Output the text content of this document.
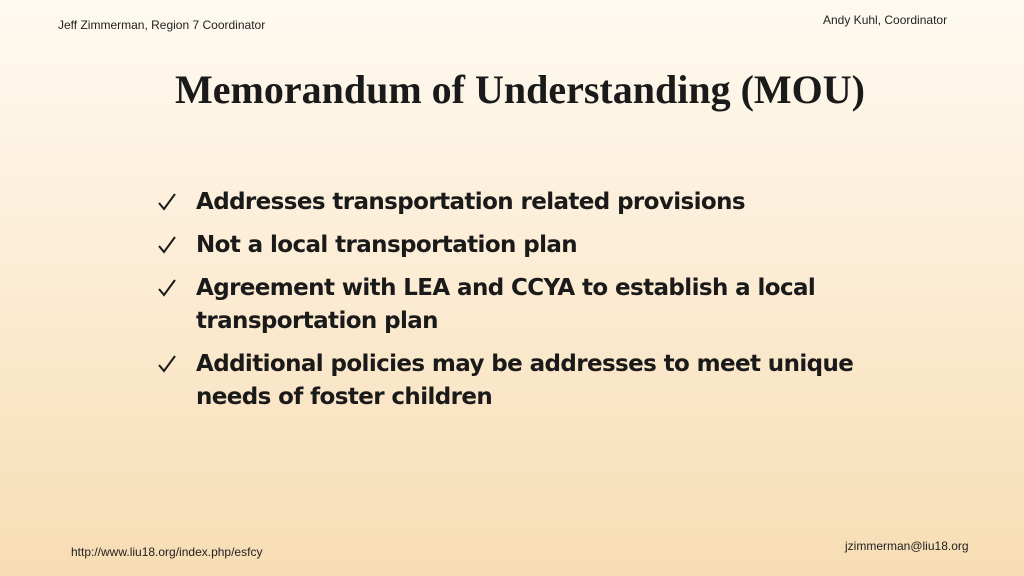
Jeff Zimmerman, Region 7 Coordinator	Andy Kuhl, Coordinator
Memorandum of Understanding (MOU)
Addresses transportation related provisions
Not a local transportation plan
Agreement with LEA and CCYA to establish a local transportation plan
Additional policies may be addresses to meet unique needs of foster children
http://www.liu18.org/index.php/esfcy	jzimmerman@liu18.org
